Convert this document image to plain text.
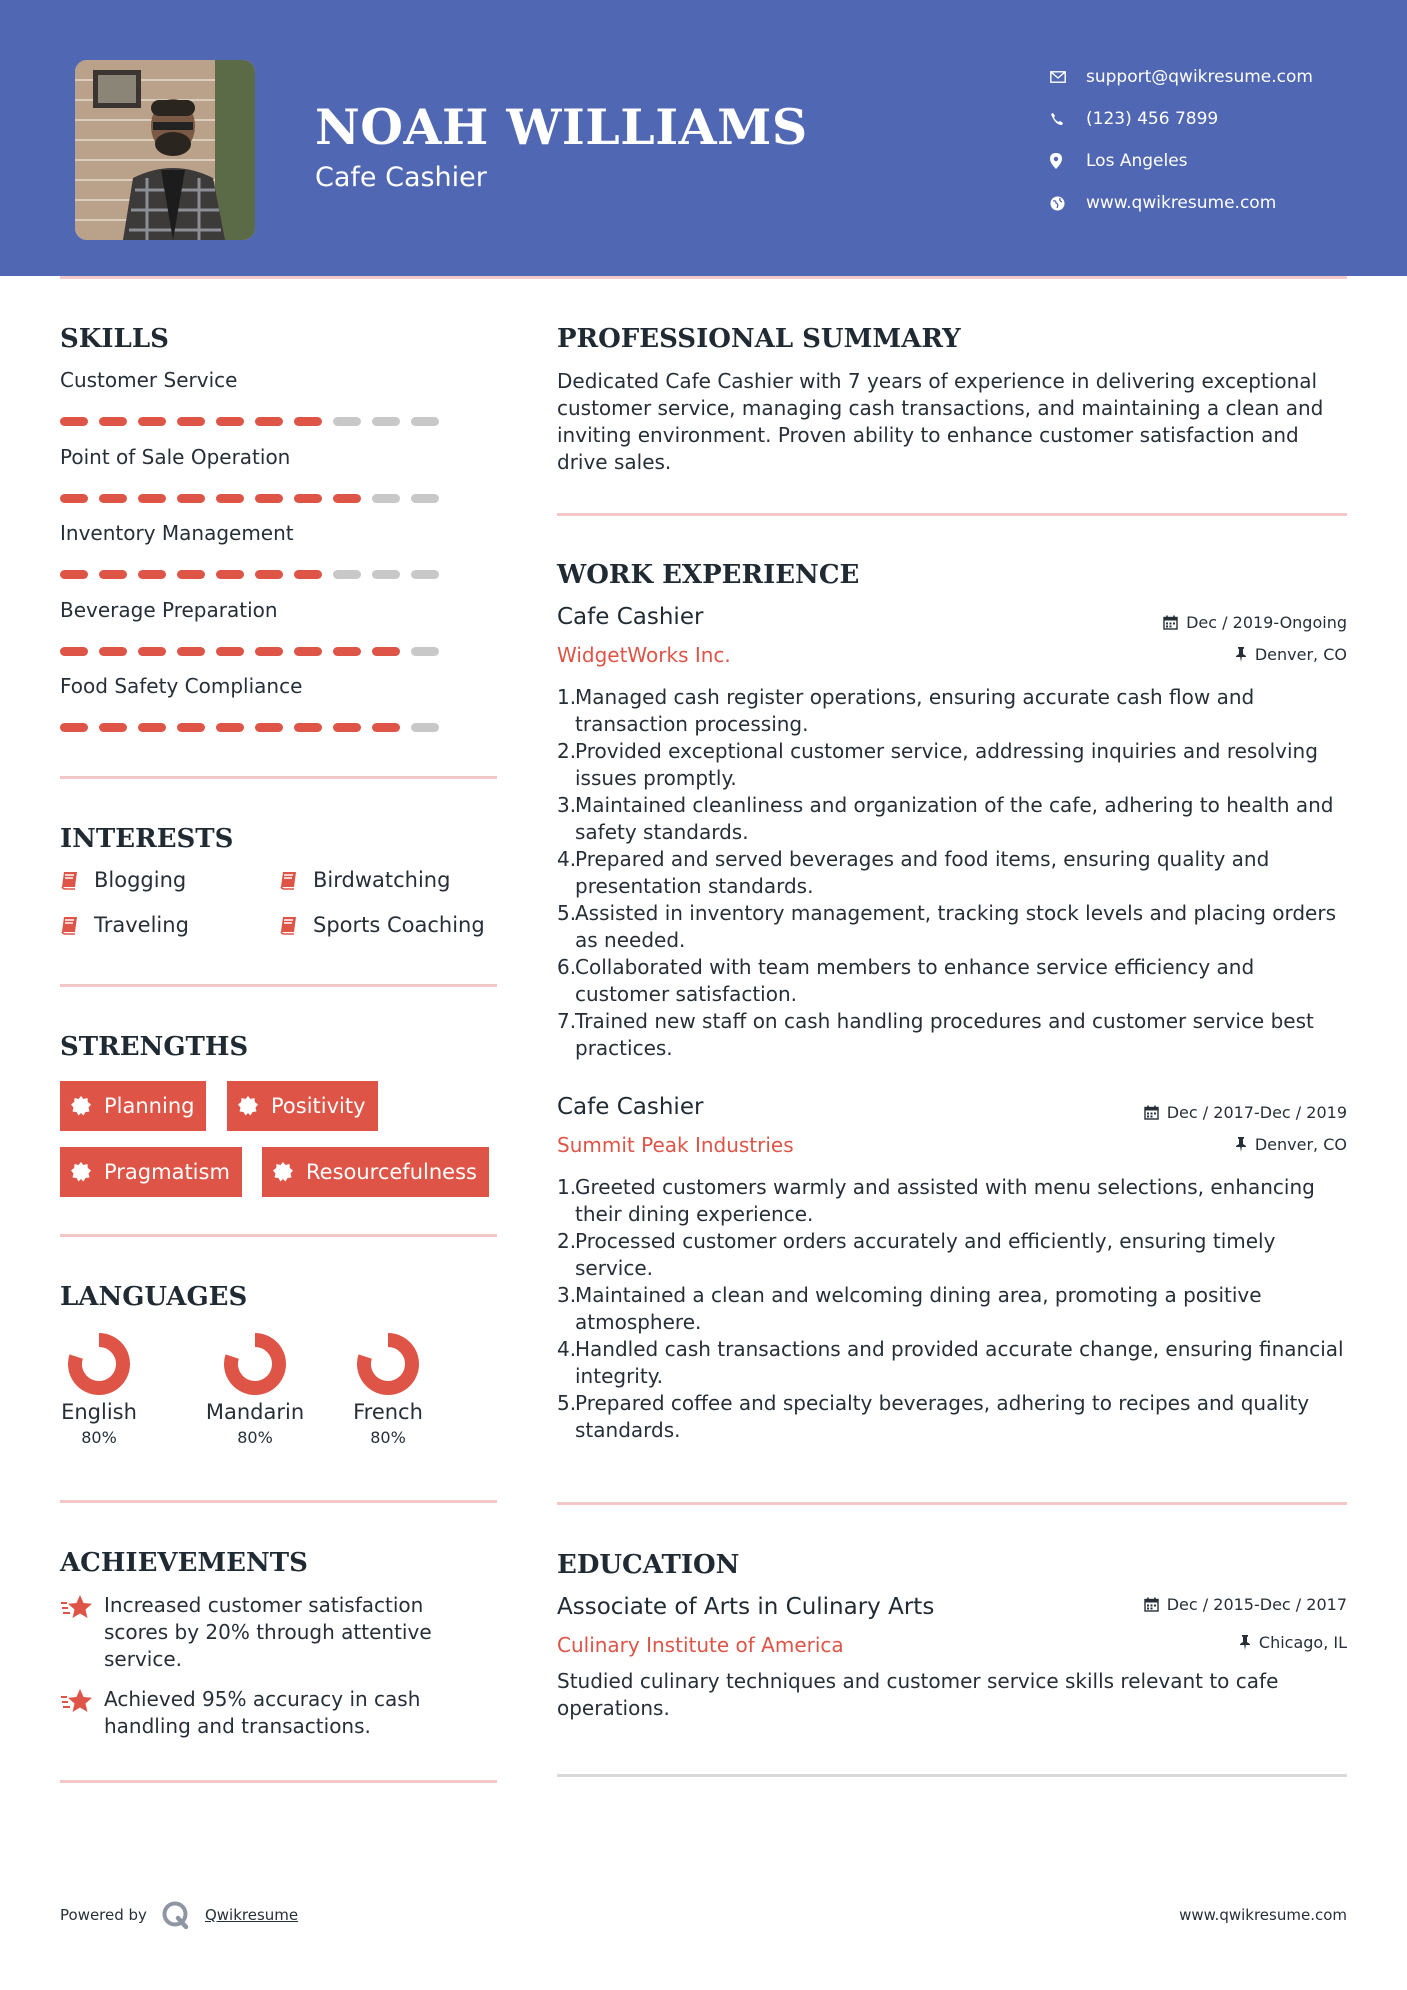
NOAH WILLIAMS
Cafe Cashier
support@qwikresume.com
(123) 456 7899
Los Angeles
www.qwikresume.com
SKILLS
Customer Service
Point of Sale Operation
Inventory Management
Beverage Preparation
Food Safety Compliance
INTERESTS
Blogging	Birdwatching
Traveling	Sports Coaching
STRENGTHS
Planning	Positivity
Pragmatism	Resourcefulness
LANGUAGES
English
80%
Mandarin
80%
French
80%
ACHIEVEMENTS
Increased customer satisfaction scores by 20% through attentive service.
Achieved 95% accuracy in cash handling and transactions.
PROFESSIONAL SUMMARY
Dedicated Cafe Cashier with 7 years of experience in delivering exceptional customer service, managing cash transactions, and maintaining a clean and inviting environment. Proven ability to enhance customer satisfaction and drive sales.
WORK EXPERIENCE
Cafe Cashier	Dec / 2019-Ongoing
WidgetWorks Inc.	Denver, CO
1.
Managed cash register operations, ensuring accurate cash flow and transaction processing.
2.
Provided exceptional customer service, addressing inquiries and resolving issues promptly.
3.
Maintained cleanliness and organization of the cafe, adhering to health and safety standards.
4.
Prepared and served beverages and food items, ensuring quality and presentation standards.
5.
Assisted in inventory management, tracking stock levels and placing orders as needed.
6.
Collaborated with team members to enhance service efficiency and customer satisfaction.
7.
Trained new staff on cash handling procedures and customer service best practices.
Cafe Cashier	Dec / 2017-Dec / 2019
Summit Peak Industries	Denver, CO
1.
Greeted customers warmly and assisted with menu selections, enhancing their dining experience.
2.
Processed customer orders accurately and efficiently, ensuring timely service.
3.
Maintained a clean and welcoming dining area, promoting a positive atmosphere.
4.
Handled cash transactions and provided accurate change, ensuring financial integrity.
5.
Prepared coffee and specialty beverages, adhering to recipes and quality standards.
EDUCATION
Associate of Arts in Culinary Arts	Dec / 2015-Dec / 2017
Culinary Institute of America	Chicago, IL
Studied culinary techniques and customer service skills relevant to cafe operations.
Powered by	Qwikresume	www.qwikresume.com
